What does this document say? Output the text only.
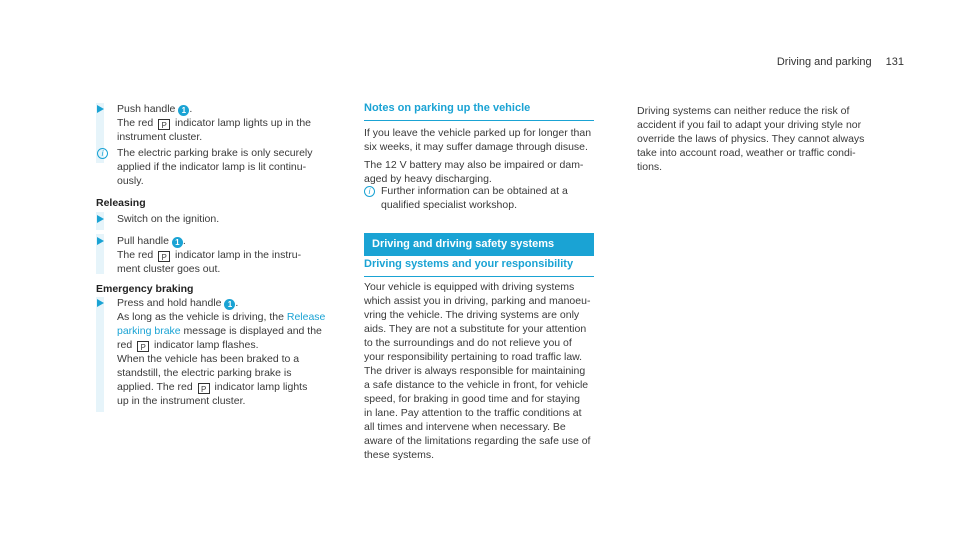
Driving and parking 131

Push handle 1 .

The red P indicator lamp lights up in the

instrument cluster.

i	The electric parking brake is only securely

applied if the indicator lamp is lit continu-

ously.

Releasing
Switch on the ignition.

Pull handle 1 .

The red P indicator lamp in the instru-

ment cluster goes out.

Emergency braking

Press and hold handle 1 .

As long as the vehicle is driving, the Release

parking brake message is displayed and the

red P indicator lamp flashes.

When the vehicle has been braked to a

standstill, the electric parking brake is

applied. The red P indicator lamp lights

up in the instrument cluster.

Notes on parking up the vehicle

If you leave the vehicle parked up for longer than

six weeks, it may suffer damage through disuse.

The 12 V battery may also be impaired or dam-

aged by heavy discharging.

i	Further information can be obtained at a

qualified specialist workshop.

Driving and driving safety systems
Driving systems and your responsibility

Your vehicle is equipped with driving systems

which assist you in driving, parking and manoeu-

vring the vehicle. The driving systems are only

aids. They are not a substitute for your attention

to the surroundings and do not relieve you of

your responsibility pertaining to road traffic law.

The driver is always responsible for maintaining

a safe distance to the vehicle in front, for vehicle

speed, for braking in good time and for staying

in lane. Pay attention to the traffic conditions at

all times and intervene when necessary. Be

aware of the limitations regarding the safe use of

these systems.

Driving systems can neither reduce the risk of

accident if you fail to adapt your driving style nor

override the laws of physics. They cannot always

take into account road, weather or traffic condi-

tions.
